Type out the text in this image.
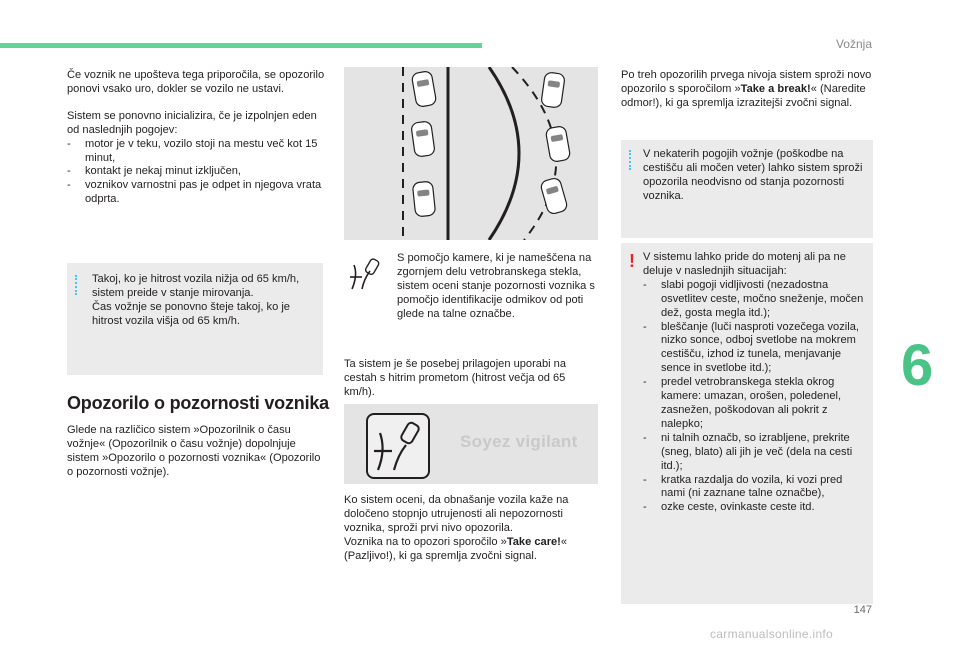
Vožnja

Če voznik ne upošteva tega priporočila, se opozorilo ponovi vsako uro, dokler se vozilo ne ustavi.

Sistem se ponovno inicializira, če je izpolnjen eden od naslednjih pogojev:

- motor je v teku, vozilo stoji na mestu več kot 15 minut,
- kontakt je nekaj minut izključen,
- voznikov varnostni pas je odpet in njegova vrata odprta.

Takoj, ko je hitrost vozila nižja od 65 km/h, sistem preide v stanje mirovanja.

Čas vožnje se ponovno šteje takoj, ko je hitrost vozila višja od 65 km/h.

Opozorilo o pozornosti voznika
Glede na različico sistem »Opozorilnik o času vožnje« (Opozorilnik o času vožnje) dopolnjuje sistem »Opozorilo o pozornosti voznika« (Opozorilo o pozornosti vožnje).
S pomočjo kamere, ki je nameščena na zgornjem delu vetrobranskega stekla, sistem oceni stanje pozornosti voznika s pomočjo identifikacije odmikov od poti glede na talne označbe.
Ta sistem je še posebej prilagojen uporabi na cestah s hitrim prometom (hitrost večja od 65 km/h).
Soyez vigilant

Ko sistem oceni, da obnašanje vozila kaže na določeno stopnjo utrujenosti ali nepozornosti voznika, sproži prvi nivo opozorila.

Voznika na to opozori sporočilo »Take care!« (Pazljivo!), ki ga spremlja zvočni signal.

Po treh opozorilih prvega nivoja sistem sproži novo opozorilo s sporočilom »Take a break!« (Naredite odmor!), ki ga spremlja izrazitejši zvočni signal.
V nekaterih pogojih vožnje (poškodbe na cestišču ali močen veter) lahko sistem sproži opozorila neodvisno od stanja pozornosti voznika.
! V sistemu lahko pride do motenj ali pa ne deluje v naslednjih situacijah:

- slabi pogoji vidljivosti (nezadostna osvetlitev ceste, močno sneženje, močen dež, gosta megla itd.);
- bleščanje (luči nasproti vozečega vozila, nizko sonce, odboj svetlobe na mokrem cestišču, izhod iz tunela, menjavanje sence in svetlobe itd.);
- predel vetrobranskega stekla okrog kamere: umazan, orošen, poledenel, zasnežen, poškodovan ali pokrit z nalepko;
- ni talnih označb, so izrabljene, prekrite (sneg, blato) ali jih je več (dela na cesti itd.);
- kratka razdalja do vozila, ki vozi pred nami (ni zaznane talne označbe),
- ozke ceste, ovinkaste ceste itd.
6
147
carmanualsonline.info
